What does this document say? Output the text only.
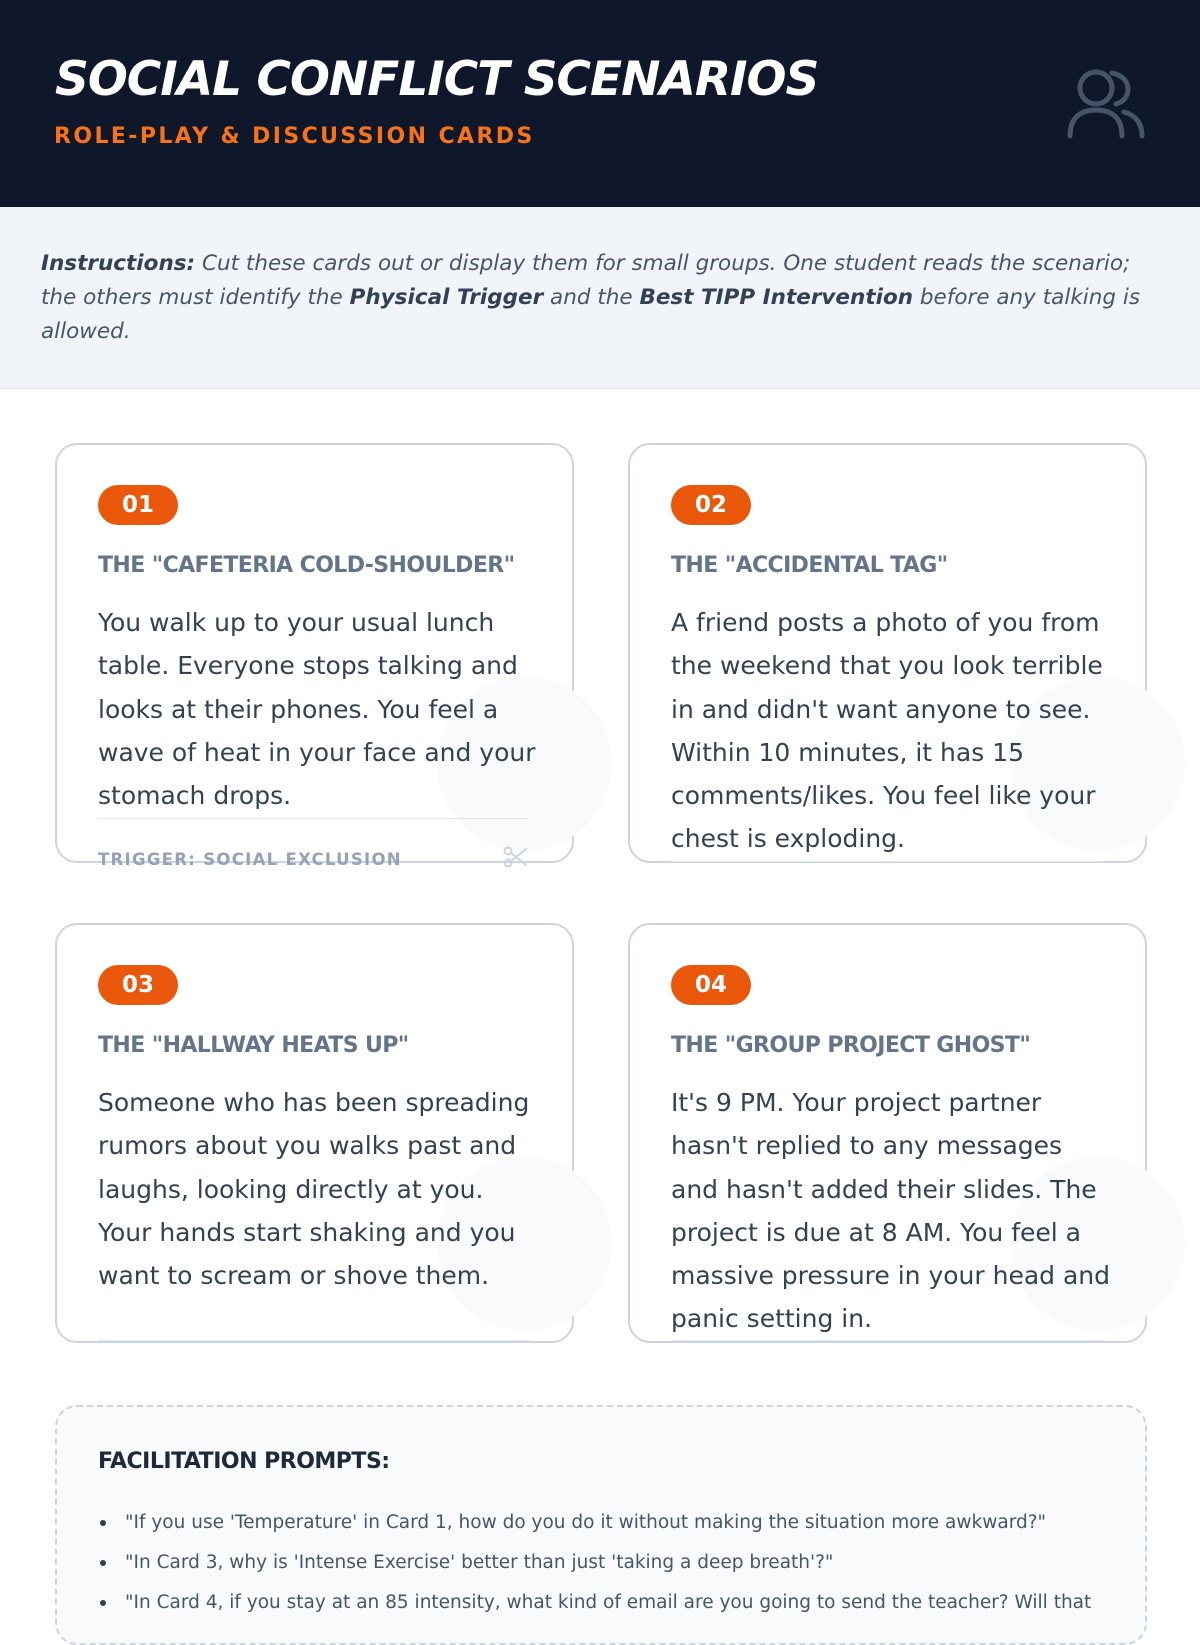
SOCIAL CONFLICT SCENARIOS
ROLE-PLAY & DISCUSSION CARDS

Instructions: Cut these cards out or display them for small groups. One student reads the scenario; the others must identify the Physical Trigger and the Best TIPP Intervention before any talking is allowed.

01
THE "CAFETERIA COLD-SHOULDER"
You walk up to your usual lunch table. Everyone stops talking and looks at their phones. You feel a wave of heat in your face and your stomach drops.
TRIGGER: SOCIAL EXCLUSION
02
THE "ACCIDENTAL TAG"
A friend posts a photo of you from the weekend that you look terrible in and didn't want anyone to see. Within 10 minutes, it has 15 comments/likes. You feel like your chest is exploding.
03
THE "HALLWAY HEATS UP"
Someone who has been spreading rumors about you walks past and laughs, looking directly at you. Your hands start shaking and you want to scream or shove them.
04
THE "GROUP PROJECT GHOST"
It's 9 PM. Your project partner hasn't replied to any messages and hasn't added their slides. The project is due at 8 AM. You feel a massive pressure in your head and panic setting in.
FACILITATION PROMPTS:
"If you use 'Temperature' in Card 1, how do you do it without making the situation more awkward?"
"In Card 3, why is 'Intense Exercise' better than just 'taking a deep breath'?"
"In Card 4, if you stay at an 85 intensity, what kind of email are you going to send the teacher? Will that
